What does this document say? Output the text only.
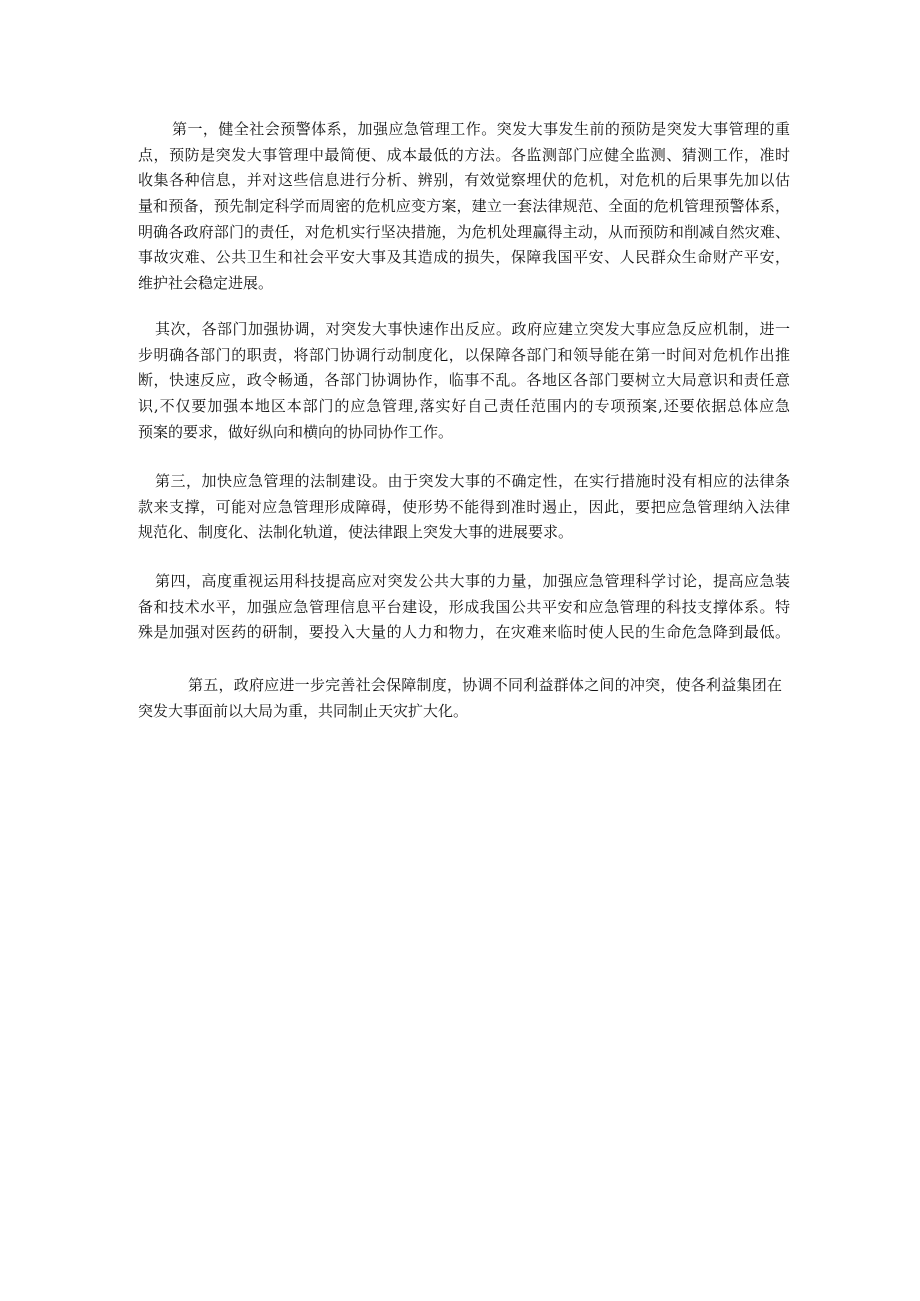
第一，健全社会预警体系，加强应急管理工作。突发大事发生前的预防是突发大事管理的重
点，预防是突发大事管理中最简便、成本最低的方法。各监测部门应健全监测、猜测工作，准时
收集各种信息，并对这些信息进行分析、辨别，有效觉察埋伏的危机，对危机的后果事先加以估
量和预备，预先制定科学而周密的危机应变方案，建立一套法律规范、全面的危机管理预警体系，
明确各政府部门的责任，对危机实行坚决措施，为危机处理赢得主动，从而预防和削减自然灾难、
事故灾难、公共卫生和社会平安大事及其造成的损失，保障我国平安、人民群众生命财产平安，
维护社会稳定进展。
其次，各部门加强协调，对突发大事快速作出反应。政府应建立突发大事应急反应机制，进一
步明确各部门的职责，将部门协调行动制度化，以保障各部门和领导能在第一时间对危机作出推
断，快速反应，政令畅通，各部门协调协作，临事不乱。各地区各部门要树立大局意识和责任意
识,不仅要加强本地区本部门的应急管理,落实好自己责任范围内的专项预案,还要依据总体应急
预案的要求，做好纵向和横向的协同协作工作。
第三，加快应急管理的法制建设。由于突发大事的不确定性，在实行措施时没有相应的法律条
款来支撑，可能对应急管理形成障碍，使形势不能得到准时遏止，因此，要把应急管理纳入法律
规范化、制度化、法制化轨道，使法律跟上突发大事的进展要求。
第四，高度重视运用科技提高应对突发公共大事的力量，加强应急管理科学讨论，提高应急装
备和技术水平，加强应急管理信息平台建设，形成我国公共平安和应急管理的科技支撑体系。特
殊是加强对医药的研制，要投入大量的人力和物力，在灾难来临时使人民的生命危急降到最低。
第五，政府应进一步完善社会保障制度，协调不同利益群体之间的冲突，使各利益集团在
突发大事面前以大局为重，共同制止天灾扩大化。
